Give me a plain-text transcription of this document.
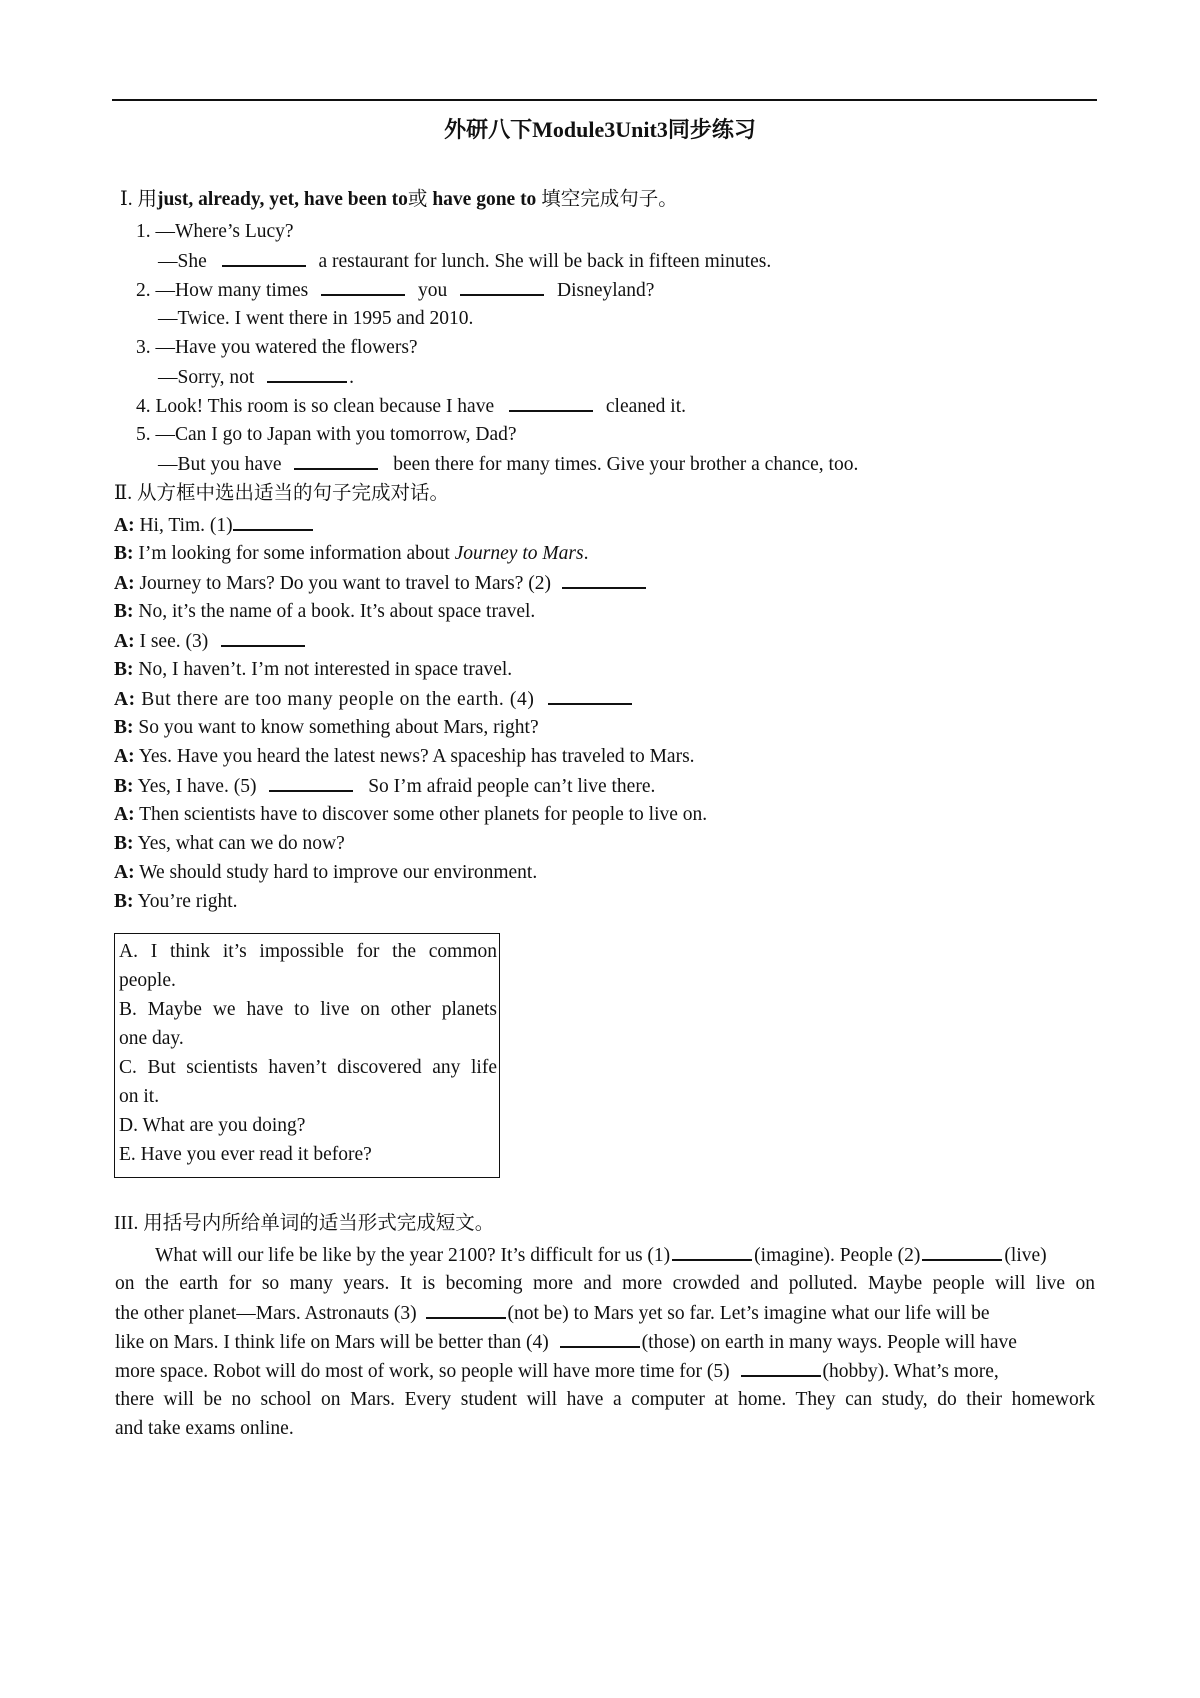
外研八下Module3Unit3同步练习
Ⅰ. 用just, already, yet, have been to或 have gone to 填空完成句子。
1. —Where’s Lucy?
—She	a restaurant for lunch. She will be back in fifteen minutes.
2. —How many times	you	Disneyland?
—Twice. I went there in 1995 and 2010.
3. —Have you watered the flowers?
—Sorry, not	.
4. Look! This room is so clean because I have	cleaned it.
5. —Can I go to Japan with you tomorrow, Dad?
—But you have	been there for many times. Give your brother a chance, too.
Ⅱ. 从方框中选出适当的句子完成对话。
A: Hi, Tim. (1)
B: I’m looking for some information about Journey to Mars.
A: Journey to Mars? Do you want to travel to Mars? (2)
B: No, it’s the name of a book. It’s about space travel.
A: I see. (3)
B: No, I haven’t. I’m not interested in space travel.
A: But there are too many people on the earth. (4)
B: So you want to know something about Mars, right?
A: Yes. Have you heard the latest news? A spaceship has traveled to Mars.
B: Yes, I have. (5)	So I’m afraid people can’t live there.
A: Then scientists have to discover some other planets for people to live on.
B: Yes, what can we do now?
A: We should study hard to improve our environment.
B: You’re right.
A. I think it’s impossible for the common
people.
B. Maybe we have to live on other planets
one day.
C. But scientists haven’t discovered any life
on it.
D. What are you doing?
E. Have you ever read it before?
III. 用括号内所给单词的适当形式完成短文。
What will our life be like by the year 2100? It’s difficult for us (1)	(imagine). People (2)	(live)
on the earth for so many years. It is becoming more and more crowded and polluted. Maybe people will live on
the other planet—Mars. Astronauts (3)	(not be) to Mars yet so far. Let’s imagine what our life will be
like on Mars. I think life on Mars will be better than (4)	(those) on earth in many ways. People will have
more space. Robot will do most of work, so people will have more time for (5)	(hobby). What’s more,
there will be no school on Mars. Every student will have a computer at home. They can study, do their homework
and take exams online.
